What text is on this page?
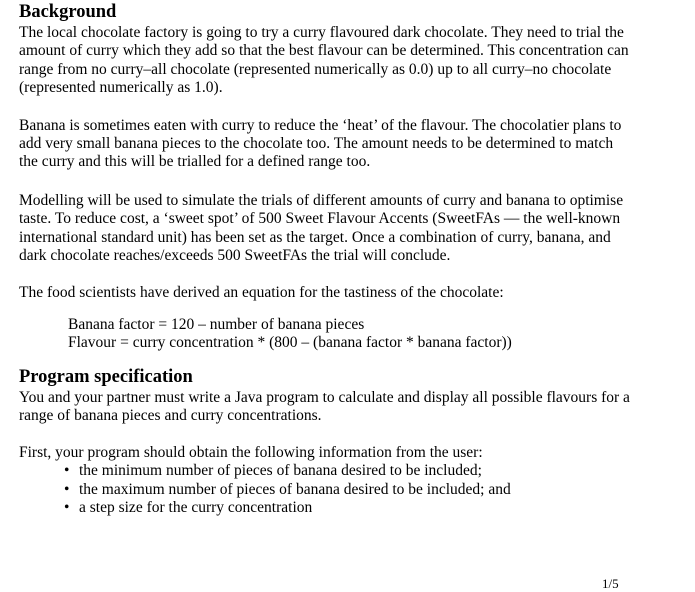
Background

The local chocolate factory is going to try a curry flavoured dark chocolate. They need to trial the amount of curry which they add so that the best flavour can be determined. This concentration can range from no curry–all chocolate (represented numerically as 0.0) up to all curry–no chocolate (represented numerically as 1.0).

Banana is sometimes eaten with curry to reduce the ‘heat’ of the flavour. The chocolatier plans to add very small banana pieces to the chocolate too. The amount needs to be determined to match the curry and this will be trialled for a defined range too.

Modelling will be used to simulate the trials of different amounts of curry and banana to optimise taste. To reduce cost, a ‘sweet spot’ of 500 Sweet Flavour Accents (SweetFAs — the well-known international standard unit) has been set as the target. Once a combination of curry, banana, and dark chocolate reaches/exceeds 500 SweetFAs the trial will conclude.

The food scientists have derived an equation for the tastiness of the chocolate:

Banana factor = 120 – number of banana pieces
Flavour = curry concentration * (800 – (banana factor * banana factor))
Program specification

You and your partner must write a Java program to calculate and display all possible flavours for a range of banana pieces and curry concentrations.

First, your program should obtain the following information from the user:

• the minimum number of pieces of banana desired to be included;
• the maximum number of pieces of banana desired to be included; and
• a step size for the curry concentration
1/5
